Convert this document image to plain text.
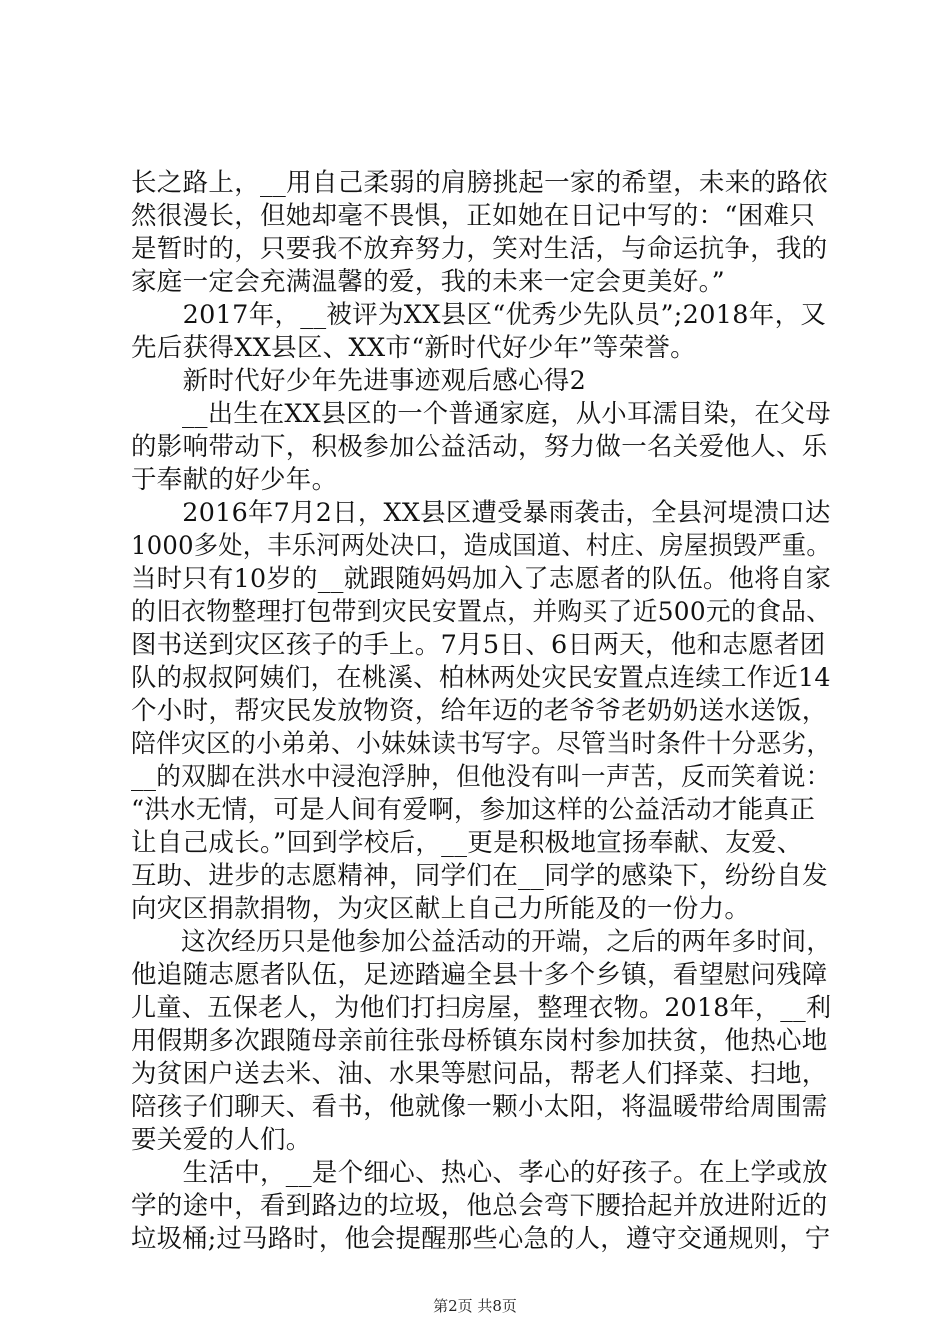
长之路上，__用自己柔弱的肩膀挑起一家的希望，未来的路依
然很漫长，但她却毫不畏惧，正如她在日记中写的：“困难只
是暂时的，只要我不放弃努力，笑对生活，与命运抗争，我的
家庭一定会充满温馨的爱，我的未来一定会更美好。”
　　2017年，__被评为XX县区“优秀少先队员”;2018年，又
先后获得XX县区、XX市“新时代好少年”等荣誉。
　　新时代好少年先进事迹观后感心得2
　　__出生在XX县区的一个普通家庭，从小耳濡目染，在父母
的影响带动下，积极参加公益活动，努力做一名关爱他人、乐
于奉献的好少年。
　　2016年7月2日，XX县区遭受暴雨袭击，全县河堤溃口达
1000多处，丰乐河两处决口，造成国道、村庄、房屋损毁严重。
当时只有10岁的__就跟随妈妈加入了志愿者的队伍。他将自家
的旧衣物整理打包带到灾民安置点，并购买了近500元的食品、
图书送到灾区孩子的手上。7月5日、6日两天，他和志愿者团
队的叔叔阿姨们，在桃溪、柏林两处灾民安置点连续工作近14
个小时，帮灾民发放物资，给年迈的老爷爷老奶奶送水送饭，
陪伴灾区的小弟弟、小妹妹读书写字。尽管当时条件十分恶劣，
__的双脚在洪水中浸泡浮肿，但他没有叫一声苦，反而笑着说：
“洪水无情，可是人间有爱啊，参加这样的公益活动才能真正
让自己成长。”回到学校后，__更是积极地宣扬奉献、友爱、
互助、进步的志愿精神，同学们在__同学的感染下，纷纷自发
向灾区捐款捐物，为灾区献上自己力所能及的一份力。
　　这次经历只是他参加公益活动的开端，之后的两年多时间，
他追随志愿者队伍，足迹踏遍全县十多个乡镇，看望慰问残障
儿童、五保老人，为他们打扫房屋，整理衣物。2018年，__利
用假期多次跟随母亲前往张母桥镇东岗村参加扶贫，他热心地
为贫困户送去米、油、水果等慰问品，帮老人们择菜、扫地，
陪孩子们聊天、看书，他就像一颗小太阳，将温暖带给周围需
要关爱的人们。
　　生活中，__是个细心、热心、孝心的好孩子。在上学或放
学的途中，看到路边的垃圾，他总会弯下腰拾起并放进附近的
垃圾桶;过马路时，他会提醒那些心急的人，遵守交通规则，宁
第2页 共8页
